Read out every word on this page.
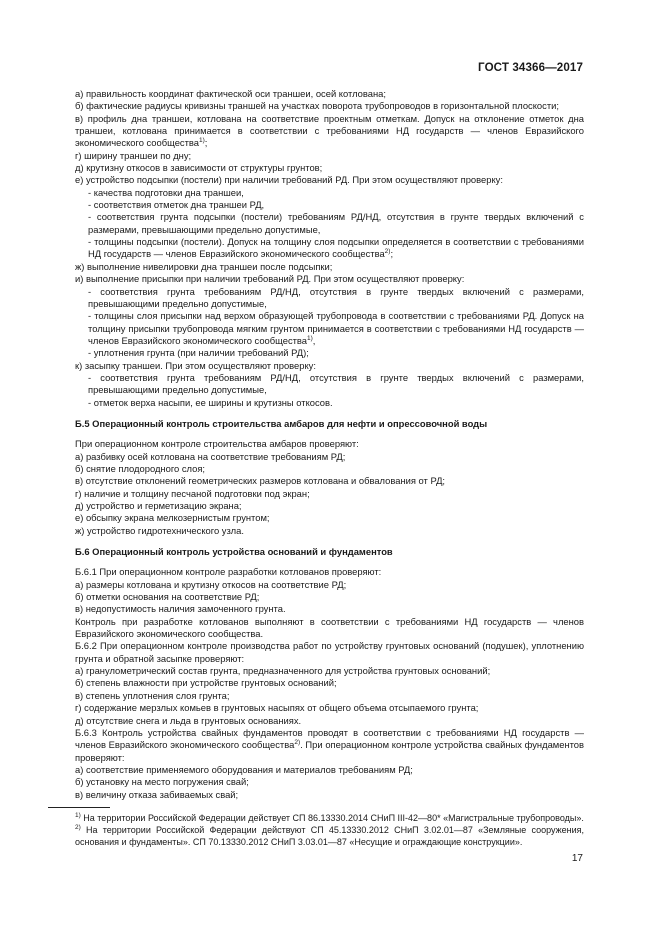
ГОСТ 34366—2017
a) правильность координат фактической оси траншеи, осей котлована;
б) фактические радиусы кривизны траншей на участках поворота трубопроводов в горизонтальной плоскости;
в) профиль дна траншеи, котлована на соответствие проектным отметкам. Допуск на отклонение отметок дна траншеи, котлована принимается в соответствии с требованиями НД государств — членов Евразийского экономического сообщества$^{1)}$;
г) ширину траншеи по дну;
д) крутизну откосов в зависимости от структуры грунтов;
е) устройство подсыпки (постели) при наличии требований РД. При этом осуществляют проверку:
- качества подготовки дна траншеи,
- соответствия отметок дна траншеи РД,
- соответствия грунта подсыпки (постели) требованиям РД/НД, отсутствия в грунте твердых включений с размерами, превышающими предельно допустимые,
- толщины подсыпки (постели). Допуск на толщину слоя подсыпки определяется в соответствии с требованиями НД государств — членов Евразийского экономического сообщества$^{2)}$;
ж) выполнение нивелировки дна траншеи после подсыпки;
и) выполнение присыпки при наличии требований РД. При этом осуществляют проверку:
- соответствия грунта требованиям РД/НД, отсутствия в грунте твердых включений с размерами, превышающими предельно допустимые,
- толщины слоя присыпки над верхом образующей трубопровода в соответствии с требованиями РД. Допуск на толщину присыпки трубопровода мягким грунтом принимается в соответствии с требованиями НД государств — членов Евразийского экономического сообщества$^{1)}$,
- уплотнения грунта (при наличии требований РД);
к) засыпку траншеи. При этом осуществляют проверку:
- соответствия грунта требованиям РД/НД, отсутствия в грунте твердых включений с размерами, превышающими предельно допустимые,
- отметок верха насыпи, ее ширины и крутизны откосов.
Б.5 Операционный контроль строительства амбаров для нефти и опрессовочной воды
При операционном контроле строительства амбаров проверяют:
а) разбивку осей котлована на соответствие требованиям РД;
б) снятие плодородного слоя;
в) отсутствие отклонений геометрических размеров котлована и обвалования от РД;
г) наличие и толщину песчаной подготовки под экран;
д) устройство и герметизацию экрана;
е) обсыпку экрана мелкозернистым грунтом;
ж) устройство гидротехнического узла.
Б.6 Операционный контроль устройства оснований и фундаментов
Б.6.1 При операционном контроле разработки котлованов проверяют:
а) размеры котлована и крутизну откосов на соответствие РД;
б) отметки основания на соответствие РД;
в) недопустимость наличия замоченного грунта.
Контроль при разработке котлованов выполняют в соответствии с требованиями НД государств — членов Евразийского экономического сообщества.
Б.6.2 При операционном контроле производства работ по устройству грунтовых оснований (подушек), уплотнению грунта и обратной засыпке проверяют:
а) гранулометрический состав грунта, предназначенного для устройства грунтовых оснований;
б) степень влажности при устройстве грунтовых оснований;
в) степень уплотнения слоя грунта;
г) содержание мерзлых комьев в грунтовых насыпях от общего объема отсыпаемого грунта;
д) отсутствие снега и льда в грунтовых основаниях.
Б.6.3 Контроль устройства свайных фундаментов проводят в соответствии с требованиями НД государств — членов Евразийского экономического сообщества$^{2)}$. При операционном контроле устройства свайных фундаментов проверяют:
а) соответствие применяемого оборудования и материалов требованиям РД;
б) установку на место погружения свай;
в) величину отказа забиваемых свай;
$^{1)}$ На территории Российской Федерации действует СП 86.13330.2014 СНиП III-42—80* «Магистральные трубопроводы».
$^{2)}$ На территории Российской Федерации действуют СП 45.13330.2012 СНиП 3.02.01—87 «Земляные сооружения, основания и фундаменты». СП 70.13330.2012 СНиП 3.03.01—87 «Несущие и ограждающие конструкции».
17
